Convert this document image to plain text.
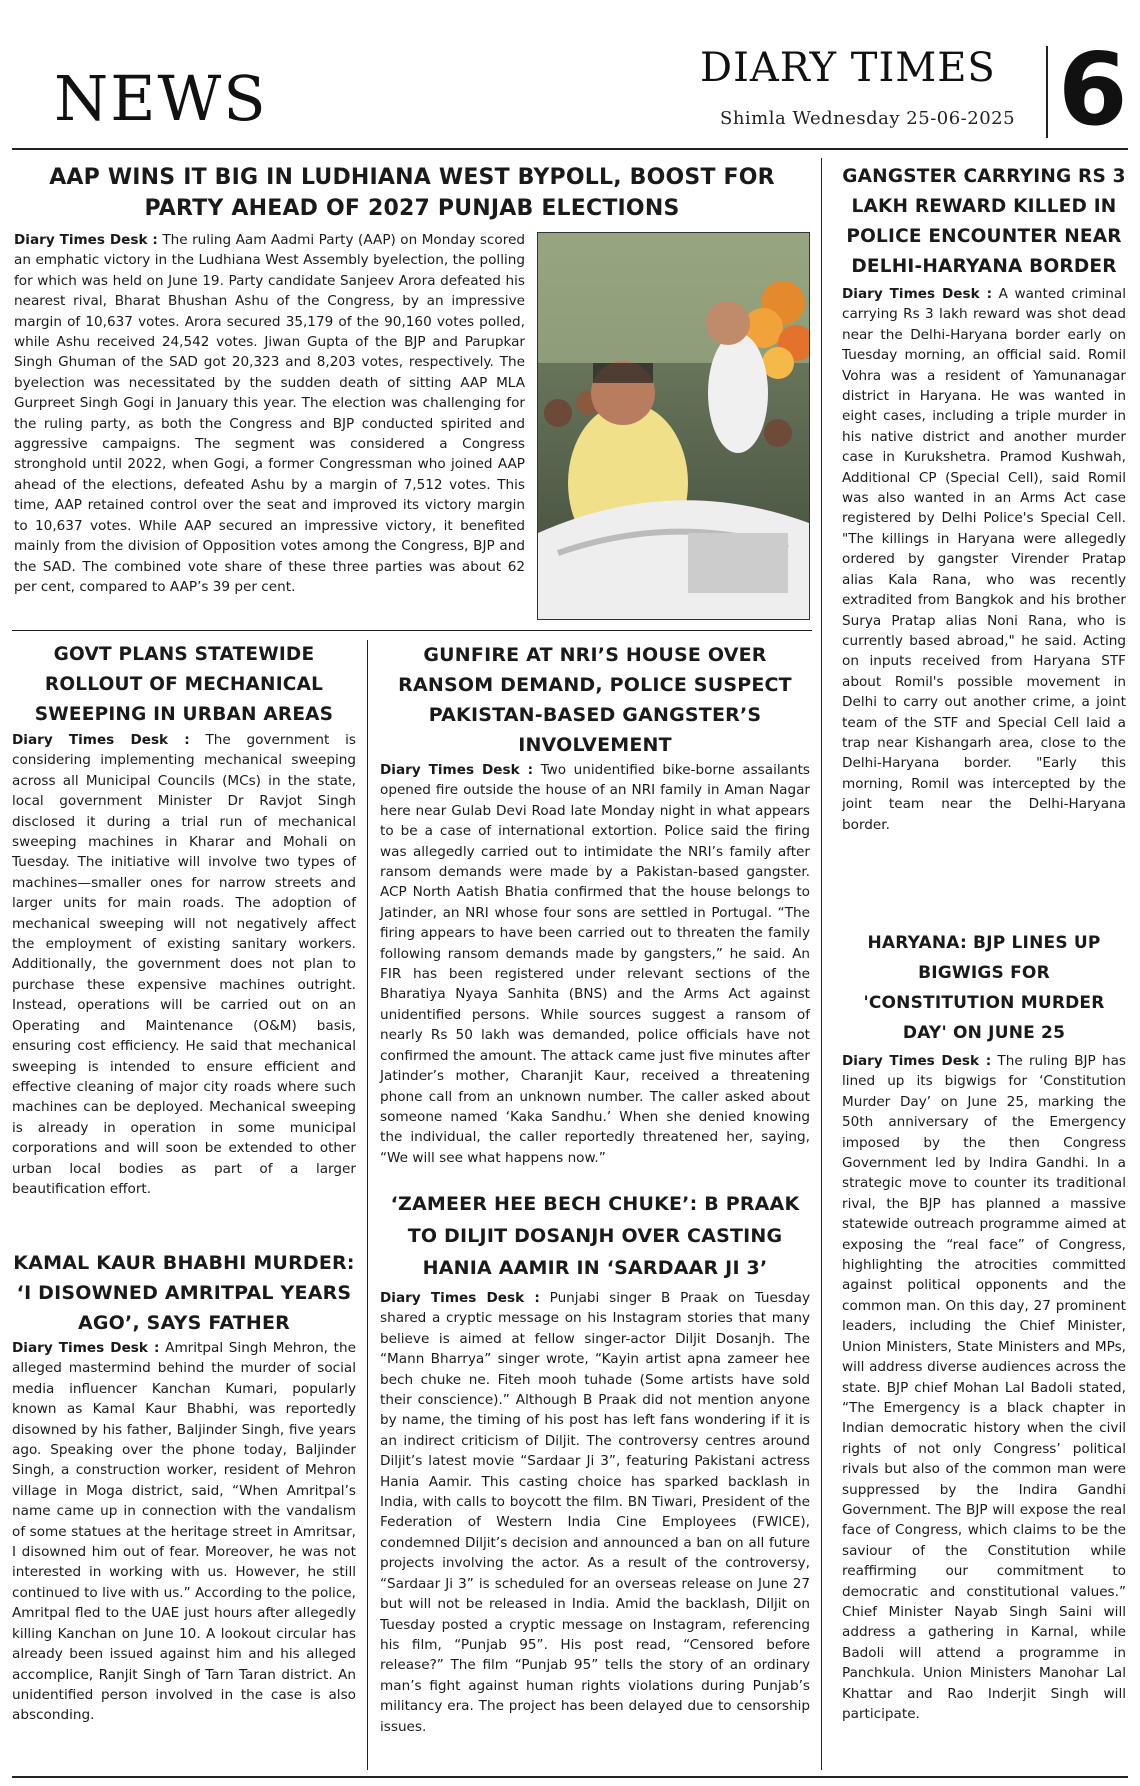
NEWS	DIARY TIMES
Shimla Wednesday 25-06-2025 6
AAP WINS IT BIG IN LUDHIANA WEST BYPOLL, BOOST FOR PARTY AHEAD OF 2027 PUNJAB ELECTIONS

Diary Times Desk : The ruling Aam Aadmi Party (AAP) on Monday scored an emphatic victory in the Ludhiana West Assembly byelection, the polling for which was held on June 19. Party candidate Sanjeev Arora defeated his nearest rival, Bharat Bhushan Ashu of the Congress, by an impressive margin of 10,637 votes. Arora secured 35,179 of the 90,160 votes polled, while Ashu received 24,542 votes. Jiwan Gupta of the BJP and Parupkar Singh Ghuman of the SAD got 20,323 and 8,203 votes, respectively. The byelection was necessitated by the sudden death of sitting AAP MLA Gurpreet Singh Gogi in January this year. The election was challenging for the ruling party, as both the Congress and BJP conducted spirited and aggressive campaigns. The segment was considered a Congress stronghold until 2022, when Gogi, a former Congressman who joined AAP ahead of the elections, defeated Ashu by a margin of 7,512 votes. This time, AAP retained control over the seat and improved its victory margin to 10,637 votes. While AAP secured an impressive victory, it benefited mainly from the division of Opposition votes among the Congress, BJP and the SAD. The combined vote share of these three parties was about 62 per cent, compared to AAP’s 39 per cent.

GANGSTER CARRYING RS 3 LAKH REWARD KILLED IN POLICE ENCOUNTER NEAR DELHI-HARYANA BORDER

Diary Times Desk : A wanted criminal carrying Rs 3 lakh reward was shot dead near the Delhi-Haryana border early on Tuesday morning, an official said. Romil Vohra was a resident of Yamunanagar district in Haryana. He was wanted in eight cases, including a triple murder in his native district and another murder case in Kurukshetra. Pramod Kushwah, Additional CP (Special Cell), said Romil was also wanted in an Arms Act case registered by Delhi Police's Special Cell. "The killings in Haryana were allegedly ordered by gangster Virender Pratap alias Kala Rana, who was recently extradited from Bangkok and his brother Surya Pratap alias Noni Rana, who is currently based abroad," he said. Acting on inputs received from Haryana STF about Romil's possible movement in Delhi to carry out another crime, a joint team of the STF and Special Cell laid a trap near Kishangarh area, close to the Delhi-Haryana border. "Early this morning, Romil was intercepted by the joint team near the Delhi-Haryana border.

HARYANA: BJP LINES UP BIGWIGS FOR 'CONSTITUTION MURDER DAY' ON JUNE 25

Diary Times Desk : The ruling BJP has lined up its bigwigs for ‘Constitution Murder Day’ on June 25, marking the 50th anniversary of the Emergency imposed by the then Congress Government led by Indira Gandhi. In a strategic move to counter its traditional rival, the BJP has planned a massive statewide outreach programme aimed at exposing the “real face” of Congress, highlighting the atrocities committed against political opponents and the common man. On this day, 27 prominent leaders, including the Chief Minister, Union Ministers, State Ministers and MPs, will address diverse audiences across the state. BJP chief Mohan Lal Badoli stated, “The Emergency is a black chapter in Indian democratic history when the civil rights of not only Congress’ political rivals but also of the common man were suppressed by the Indira Gandhi Government. The BJP will expose the real face of Congress, which claims to be the saviour of the Constitution while reaffirming our commitment to democratic and constitutional values.” Chief Minister Nayab Singh Saini will address a gathering in Karnal, while Badoli will attend a programme in Panchkula. Union Ministers Manohar Lal Khattar and Rao Inderjit Singh will participate.

GOVT PLANS STATEWIDE ROLLOUT OF MECHANICAL SWEEPING IN URBAN AREAS

Diary Times Desk : The government is considering implementing mechanical sweeping across all Municipal Councils (MCs) in the state, local government Minister Dr Ravjot Singh disclosed it during a trial run of mechanical sweeping machines in Kharar and Mohali on Tuesday. The initiative will involve two types of machines—smaller ones for narrow streets and larger units for main roads. The adoption of mechanical sweeping will not negatively affect the employment of existing sanitary workers. Additionally, the government does not plan to purchase these expensive machines outright. Instead, operations will be carried out on an Operating and Maintenance (O&M) basis, ensuring cost efficiency. He said that mechanical sweeping is intended to ensure efficient and effective cleaning of major city roads where such machines can be deployed. Mechanical sweeping is already in operation in some municipal corporations and will soon be extended to other urban local bodies as part of a larger beautification effort.

KAMAL KAUR BHABHI MURDER: ‘I DISOWNED AMRITPAL YEARS AGO’, SAYS FATHER

Diary Times Desk : Amritpal Singh Mehron, the alleged mastermind behind the murder of social media influencer Kanchan Kumari, popularly known as Kamal Kaur Bhabhi, was reportedly disowned by his father, Baljinder Singh, five years ago. Speaking over the phone today, Baljinder Singh, a construction worker, resident of Mehron village in Moga district, said, “When Amritpal’s name came up in connection with the vandalism of some statues at the heritage street in Amritsar, I disowned him out of fear. Moreover, he was not interested in working with us. However, he still continued to live with us.” According to the police, Amritpal fled to the UAE just hours after allegedly killing Kanchan on June 10. A lookout circular has already been issued against him and his alleged accomplice, Ranjit Singh of Tarn Taran district. An unidentified person involved in the case is also absconding.

GUNFIRE AT NRI’S HOUSE OVER RANSOM DEMAND, POLICE SUSPECT PAKISTAN-BASED GANGSTER’S INVOLVEMENT

Diary Times Desk : Two unidentified bike-borne assailants opened fire outside the house of an NRI family in Aman Nagar here near Gulab Devi Road late Monday night in what appears to be a case of international extortion. Police said the firing was allegedly carried out to intimidate the NRI’s family after ransom demands were made by a Pakistan-based gangster. ACP North Aatish Bhatia confirmed that the house belongs to Jatinder, an NRI whose four sons are settled in Portugal. “The firing appears to have been carried out to threaten the family following ransom demands made by gangsters,” he said. An FIR has been registered under relevant sections of the Bharatiya Nyaya Sanhita (BNS) and the Arms Act against unidentified persons. While sources suggest a ransom of nearly Rs 50 lakh was demanded, police officials have not confirmed the amount. The attack came just five minutes after Jatinder’s mother, Charanjit Kaur, received a threatening phone call from an unknown number. The caller asked about someone named ‘Kaka Sandhu.’ When she denied knowing the individual, the caller reportedly threatened her, saying, “We will see what happens now.”

‘ZAMEER HEE BECH CHUKE’: B PRAAK TO DILJIT DOSANJH OVER CASTING HANIA AAMIR IN ‘SARDAAR JI 3’

Diary Times Desk : Punjabi singer B Praak on Tuesday shared a cryptic message on his Instagram stories that many believe is aimed at fellow singer-actor Diljit Dosanjh. The “Mann Bharrya” singer wrote, “Kayin artist apna zameer hee bech chuke ne. Fiteh mooh tuhade (Some artists have sold their conscience).” Although B Praak did not mention anyone by name, the timing of his post has left fans wondering if it is an indirect criticism of Diljit. The controversy centres around Diljit’s latest movie “Sardaar Ji 3”, featuring Pakistani actress Hania Aamir. This casting choice has sparked backlash in India, with calls to boycott the film. BN Tiwari, President of the Federation of Western India Cine Employees (FWICE), condemned Diljit’s decision and announced a ban on all future projects involving the actor. As a result of the controversy, “Sardaar Ji 3” is scheduled for an overseas release on June 27 but will not be released in India. Amid the backlash, Diljit on Tuesday posted a cryptic message on Instagram, referencing his film, “Punjab 95”. His post read, “Censored before release?” The film “Punjab 95” tells the story of an ordinary man’s fight against human rights violations during Punjab’s militancy era. The project has been delayed due to censorship issues.
